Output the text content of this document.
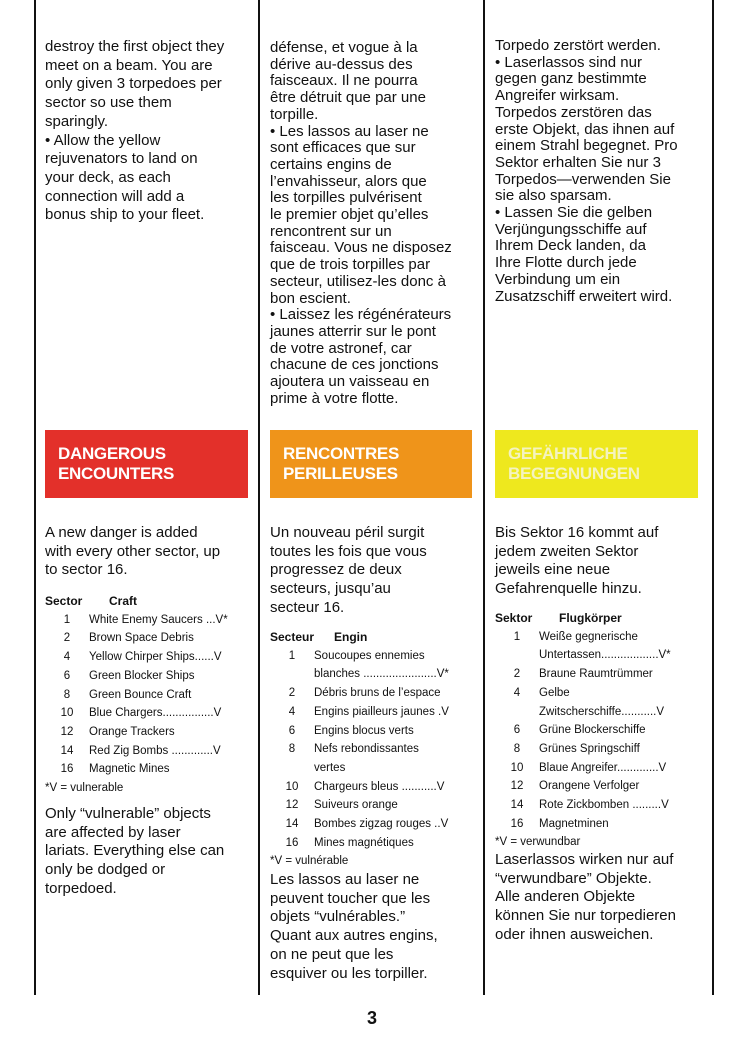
destroy the first object they
meet on a beam. You are
only given 3 torpedoes per
sector so use them
sparingly.
• Allow the yellow
rejuvenators to land on
your deck, as each
connection will add a
bonus ship to your fleet.
DANGEROUS
ENCOUNTERS
A new danger is added
with every other sector, up
to sector 16.
Sector	Craft
1	White Enemy Saucers ...V*
2	Brown Space Debris
4	Yellow Chirper Ships......V
6	Green Blocker Ships
8	Green Bounce Craft
10	Blue Chargers................V
12	Orange Trackers
14	Red Zig Bombs .............V
16	Magnetic Mines
*V = vulnerable
Only “vulnerable” objects
are affected by laser
lariats. Everything else can
only be dodged or
torpedoed.
défense, et vogue à la
dérive au-dessus des
faisceaux. Il ne pourra
être détruit que par une
torpille.
• Les lassos au laser ne
sont efficaces que sur
certains engins de
l’envahisseur, alors que
les torpilles pulvérisent
le premier objet qu’elles
rencontrent sur un
faisceau. Vous ne disposez
que de trois torpilles par
secteur, utilisez-les donc à
bon escient.
• Laissez les régénérateurs
jaunes atterrir sur le pont
de votre astronef, car
chacune de ces jonctions
ajoutera un vaisseau en
prime à votre flotte.
RENCONTRES
PERILLEUSES
Un nouveau péril surgit
toutes les fois que vous
progressez de deux
secteurs, jusqu’au
secteur 16.
Secteur	Engin
1	Soucoupes ennemies
blanches .......................V*
2	Débris bruns de l’espace
4	Engins piailleurs jaunes .V
6	Engins blocus verts
8	Nefs rebondissantes
vertes
10	Chargeurs bleus ...........V
12	Suiveurs orange
14	Bombes zigzag rouges ..V
16	Mines magnétiques
*V = vulnérable
Les lassos au laser ne
peuvent toucher que les
objets “vulnérables.”
Quant aux autres engins,
on ne peut que les
esquiver ou les torpiller.
Torpedo zerstört werden.
• Laserlassos sind nur
gegen ganz bestimmte
Angreifer wirksam.
Torpedos zerstören das
erste Objekt, das ihnen auf
einem Strahl begegnet. Pro
Sektor erhalten Sie nur 3
Torpedos—verwenden Sie
sie also sparsam.
• Lassen Sie die gelben
Verjüngungsschiffe auf
Ihrem Deck landen, da
Ihre Flotte durch jede
Verbindung um ein
Zusatzschiff erweitert wird.
GEFÄHRLICHE
BEGEGNUNGEN
Bis Sektor 16 kommt auf
jedem zweiten Sektor
jeweils eine neue
Gefahrenquelle hinzu.
Sektor	Flugkörper
1	Weiße gegnerische
Untertassen..................V*
2	Braune Raumtrümmer
4	Gelbe
Zwitscherschiffe...........V
6	Grüne Blockerschiffe
8	Grünes Springschiff
10	Blaue Angreifer.............V
12	Orangene Verfolger
14	Rote Zickbomben .........V
16	Magnetminen
*V = verwundbar
Laserlassos wirken nur auf
“verwundbare” Objekte.
Alle anderen Objekte
können Sie nur torpedieren
oder ihnen ausweichen.
3
